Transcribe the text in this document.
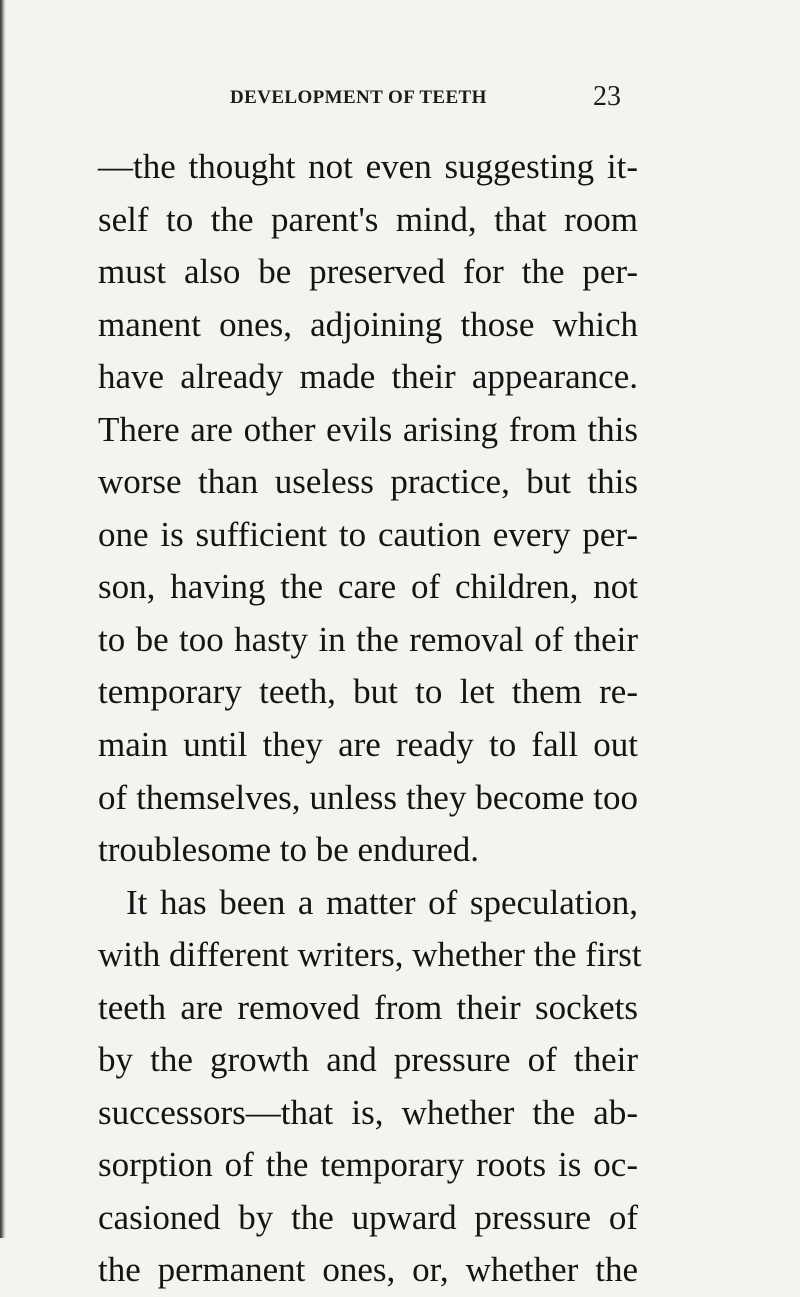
DEVELOPMENT OF TEETH	23
—the thought not even suggesting it-
self to the parent's mind, that room
must also be preserved for the per-
manent ones, adjoining those which
have already made their appearance.
There are other evils arising from this
worse than useless practice, but this
one is sufficient to caution every per-
son, having the care of children, not
to be too hasty in the removal of their
temporary teeth, but to let them re-
main until they are ready to fall out
of themselves, unless they become too
troublesome to be endured.
It has been a matter of speculation,
with different writers, whether the first
teeth are removed from their sockets
by the growth and pressure of their
successors—that is, whether the ab-
sorption of the temporary roots is oc-
casioned by the upward pressure of
the permanent ones, or, whether the
